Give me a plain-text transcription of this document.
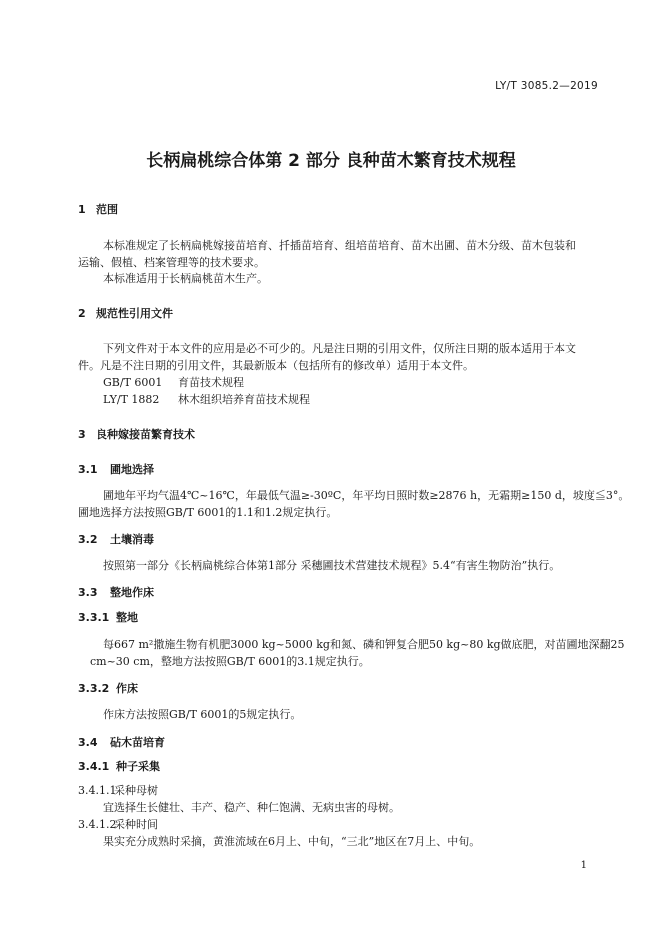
LY/T 3085.2—2019
长柄扁桃综合体第 2 部分 良种苗木繁育技术规程
1 范围
本标准规定了长柄扁桃嫁接苗培育、扦插苗培育、组培苗培育、苗木出圃、苗木分级、苗木包装和
运输、假植、档案管理等的技术要求。
本标准适用于长柄扁桃苗木生产。
2 规范性引用文件
下列文件对于本文件的应用是必不可少的。凡是注日期的引用文件，仅所注日期的版本适用于本文
件。凡是不注日期的引用文件，其最新版本（包括所有的修改单）适用于本文件。
GB/T 6001 育苗技术规程
LY/T 1882 林木组织培养育苗技术规程
3 良种嫁接苗繁育技术
3.1 圃地选择
圃地年平均气温4℃~16℃，年最低气温≥-30ºC，年平均日照时数≥2876 h，无霜期≥150 d，坡度≦3°。
圃地选择方法按照GB/T 6001的1.1和1.2规定执行。
3.2 土壤消毒
按照第一部分《长柄扁桃综合体第1部分 采穗圃技术营建技术规程》5.4“有害生物防治”执行。
3.3 整地作床
3.3.1 整地
每667 m²撒施生物有机肥3000 kg~5000 kg和氮、磷和钾复合肥50 kg~80 kg做底肥，对苗圃地深翻25
cm~30 cm，整地方法按照GB/T 6001的3.1规定执行。
3.3.2 作床
作床方法按照GB/T 6001的5规定执行。
3.4 砧木苗培育
3.4.1 种子采集
3.4.1.1采种母树
宜选择生长健壮、丰产、稳产、种仁饱满、无病虫害的母树。
3.4.1.2采种时间
果实充分成熟时采摘，黄淮流域在6月上、中旬，“三北”地区在7月上、中旬。
1
